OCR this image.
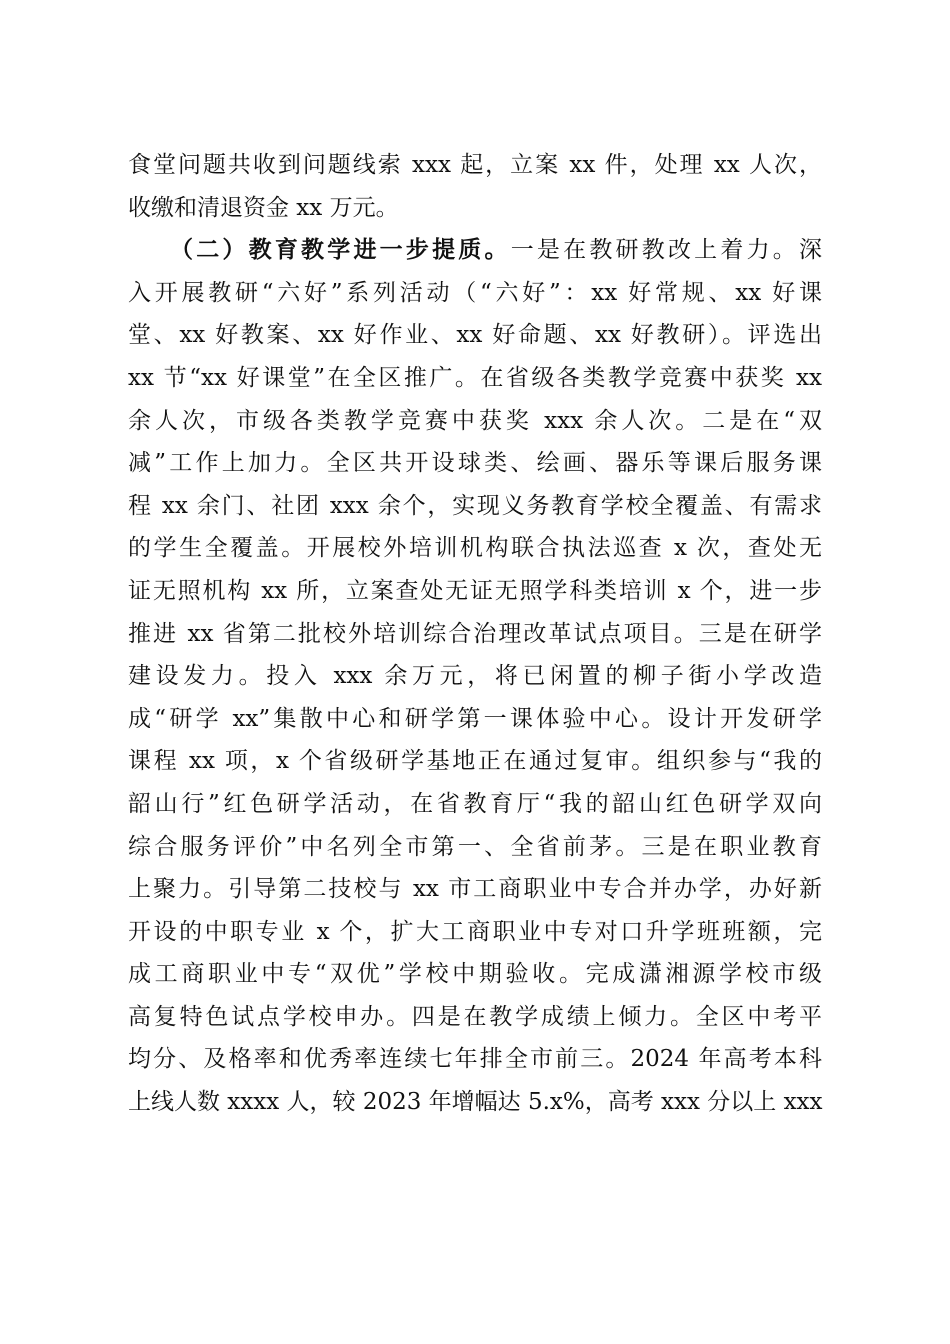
食堂问题共收到问题线索 xxx 起，立案 xx 件，处理 xx 人次，
收缴和清退资金 xx 万元。
（二）教育教学进一步提质。一是在教研教改上着力。深
入开展教研“六好”系列活动（“六好”：xx 好常规、xx 好课
堂、xx 好教案、xx 好作业、xx 好命题、xx 好教研）。评选出
xx 节“xx 好课堂”在全区推广。在省级各类教学竞赛中获奖 xx
余人次，市级各类教学竞赛中获奖 xxx 余人次。二是在“双
减”工作上加力。全区共开设球类、绘画、器乐等课后服务课
程 xx 余门、社团 xxx 余个，实现义务教育学校全覆盖、有需求
的学生全覆盖。开展校外培训机构联合执法巡查 x 次，查处无
证无照机构 xx 所，立案查处无证无照学科类培训 x 个，进一步
推进 xx 省第二批校外培训综合治理改革试点项目。三是在研学
建设发力。投入 xxx 余万元，将已闲置的柳子街小学改造
成“研学 xx”集散中心和研学第一课体验中心。设计开发研学
课程 xx 项，x 个省级研学基地正在通过复审。组织参与“我的
韶山行”红色研学活动，在省教育厅“我的韶山红色研学双向
综合服务评价”中名列全市第一、全省前茅。三是在职业教育
上聚力。引导第二技校与 xx 市工商职业中专合并办学，办好新
开设的中职专业 x 个，扩大工商职业中专对口升学班班额，完
成工商职业中专“双优”学校中期验收。完成潇湘源学校市级
高复特色试点学校申办。四是在教学成绩上倾力。全区中考平
均分、及格率和优秀率连续七年排全市前三。2024 年高考本科
上线人数 xxxx 人，较 2023 年增幅达 5.x%，高考 xxx 分以上 xxx
